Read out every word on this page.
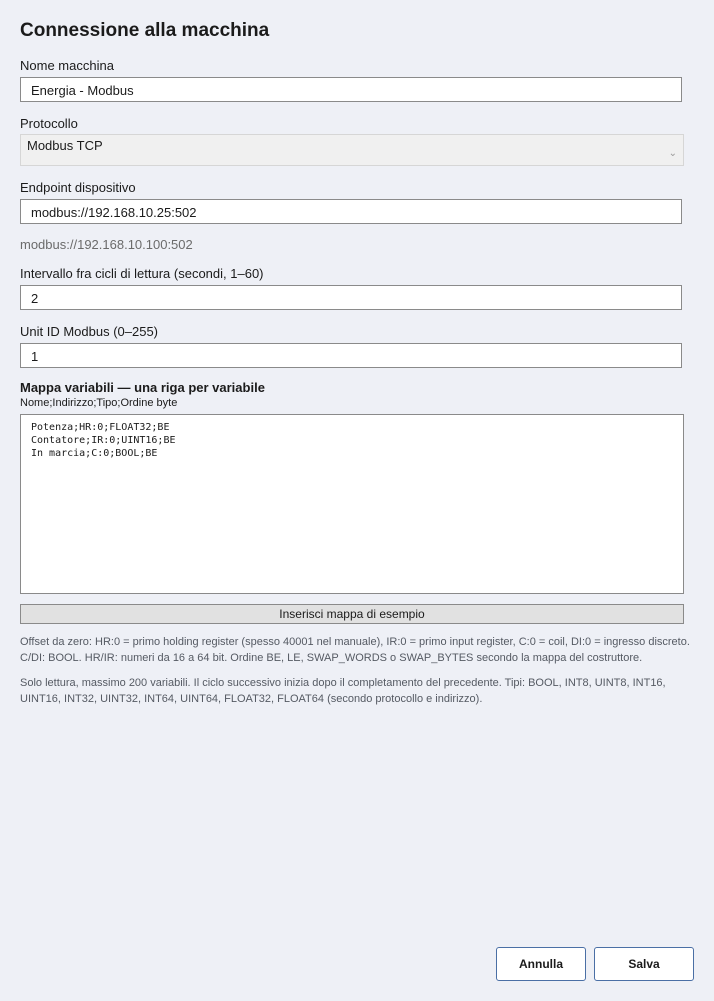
Connessione alla macchina
Nome macchina
Energia - Modbus
Protocollo
Modbus TCP
⌄
Endpoint dispositivo
modbus://192.168.10.25:502
modbus://192.168.10.100:502
Intervallo fra cicli di lettura (secondi, 1–60)
2
Unit ID Modbus (0–255)
1
Mappa variabili — una riga per variabile
Nome;Indirizzo;Tipo;Ordine byte
Potenza;HR:0;FLOAT32;BE
Contatore;IR:0;UINT16;BE
In marcia;C:0;BOOL;BE
Inserisci mappa di esempio
Offset da zero: HR:0 = primo holding register (spesso 40001 nel manuale), IR:0 = primo input register, C:0 = coil, DI:0 = ingresso discreto. C/DI: BOOL. HR/IR: numeri da 16 a 64 bit. Ordine BE, LE, SWAP_WORDS o SWAP_BYTES secondo la mappa del costruttore.
Solo lettura, massimo 200 variabili. Il ciclo successivo inizia dopo il completamento del precedente. Tipi: BOOL, INT8, UINT8, INT16, UINT16, INT32, UINT32, INT64, UINT64, FLOAT32, FLOAT64 (secondo protocollo e indirizzo).
Annulla	Salva
